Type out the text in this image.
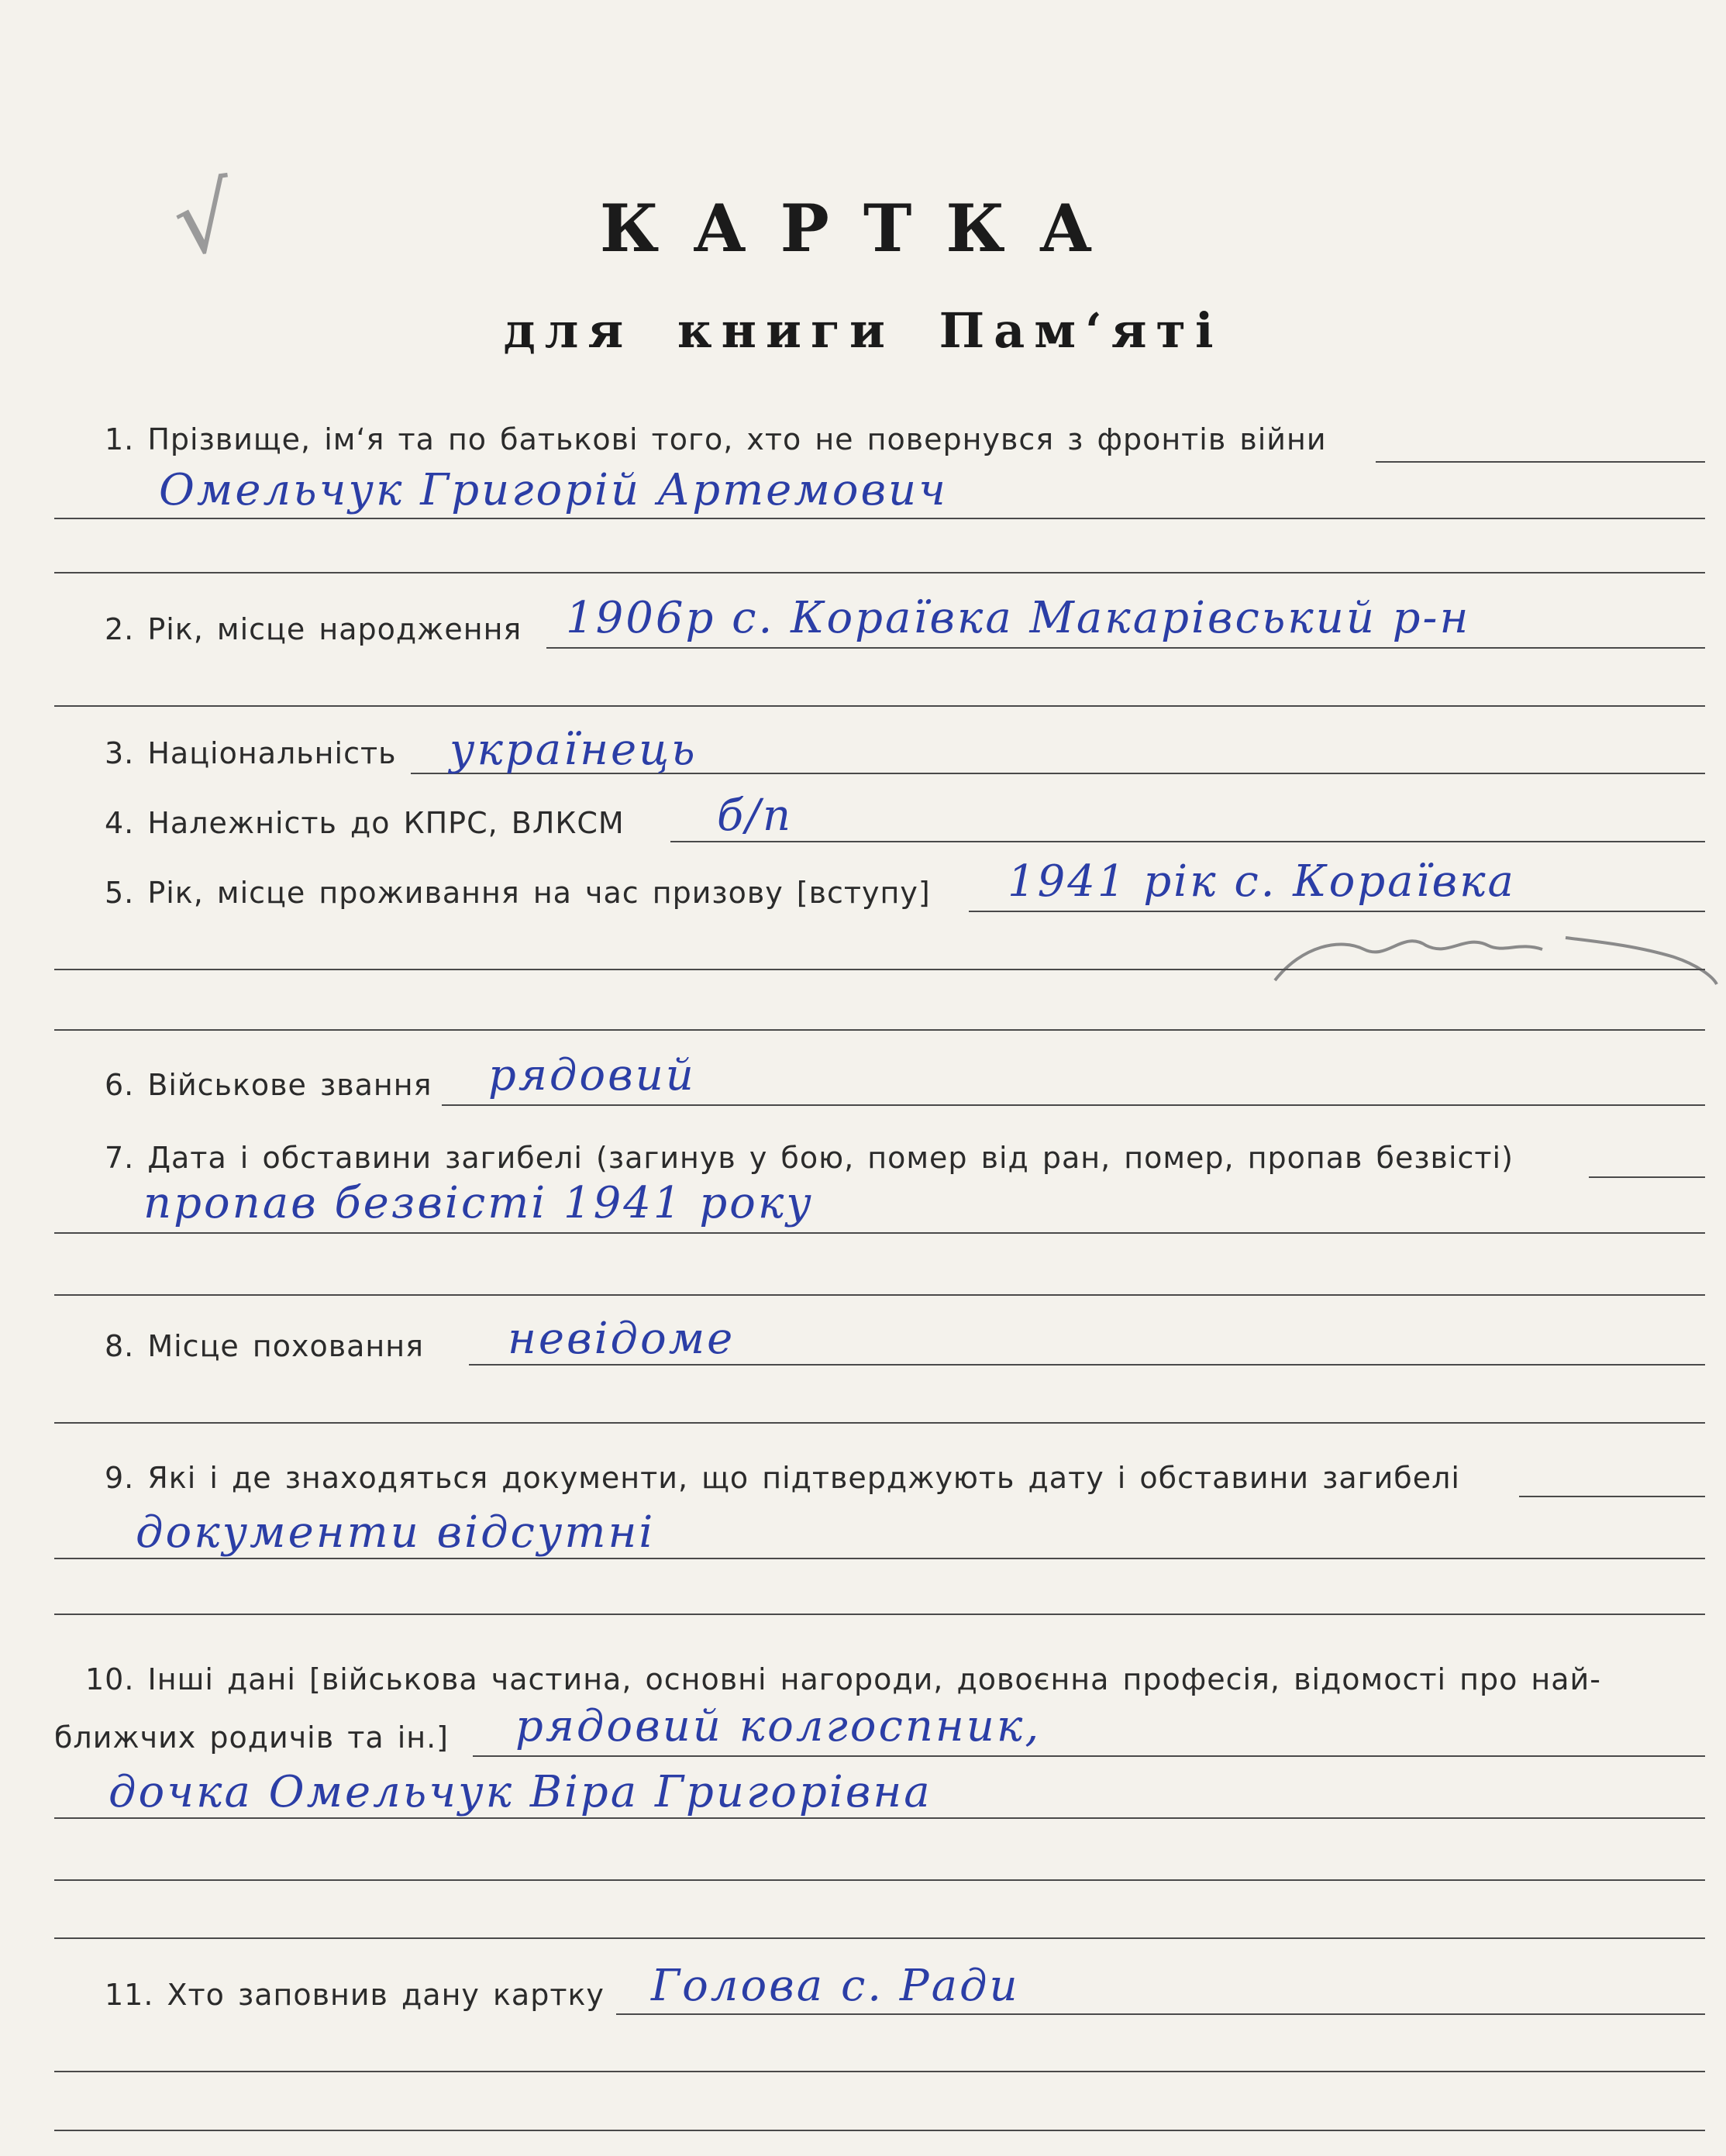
√	КАРТКА
для книги Пам‘яті
1. Прізвище, ім‘я та по батькові того, хто не повернувся з фронтів війни
Омельчук Григорій Артемович
2. Рік, місце народження 1906р с. Кораївка Макарівський р-н
3. Національність українець
4. Належність до КПРС, ВЛКСМ б/п
5. Рік, місце проживання на час призову [вступу] 1941 рік с. Кораївка
6. Військове звання рядовий
7. Дата і обставини загибелі (загинув у бою, помер від ран, помер, пропав безвісті)
пропав безвісті 1941 року
8. Місце поховання невідоме
9. Які і де знаходяться документи, що підтверджують дату і обставини загибелі
документи відсутні
10. Інші дані [військова частина, основні нагороди, довоєнна професія, відомості про най-
ближчих родичів та ін.] рядовий колгоспник,
дочка Омельчук Віра Григорівна
11. Хто заповнив дану картку Голова с. Ради
